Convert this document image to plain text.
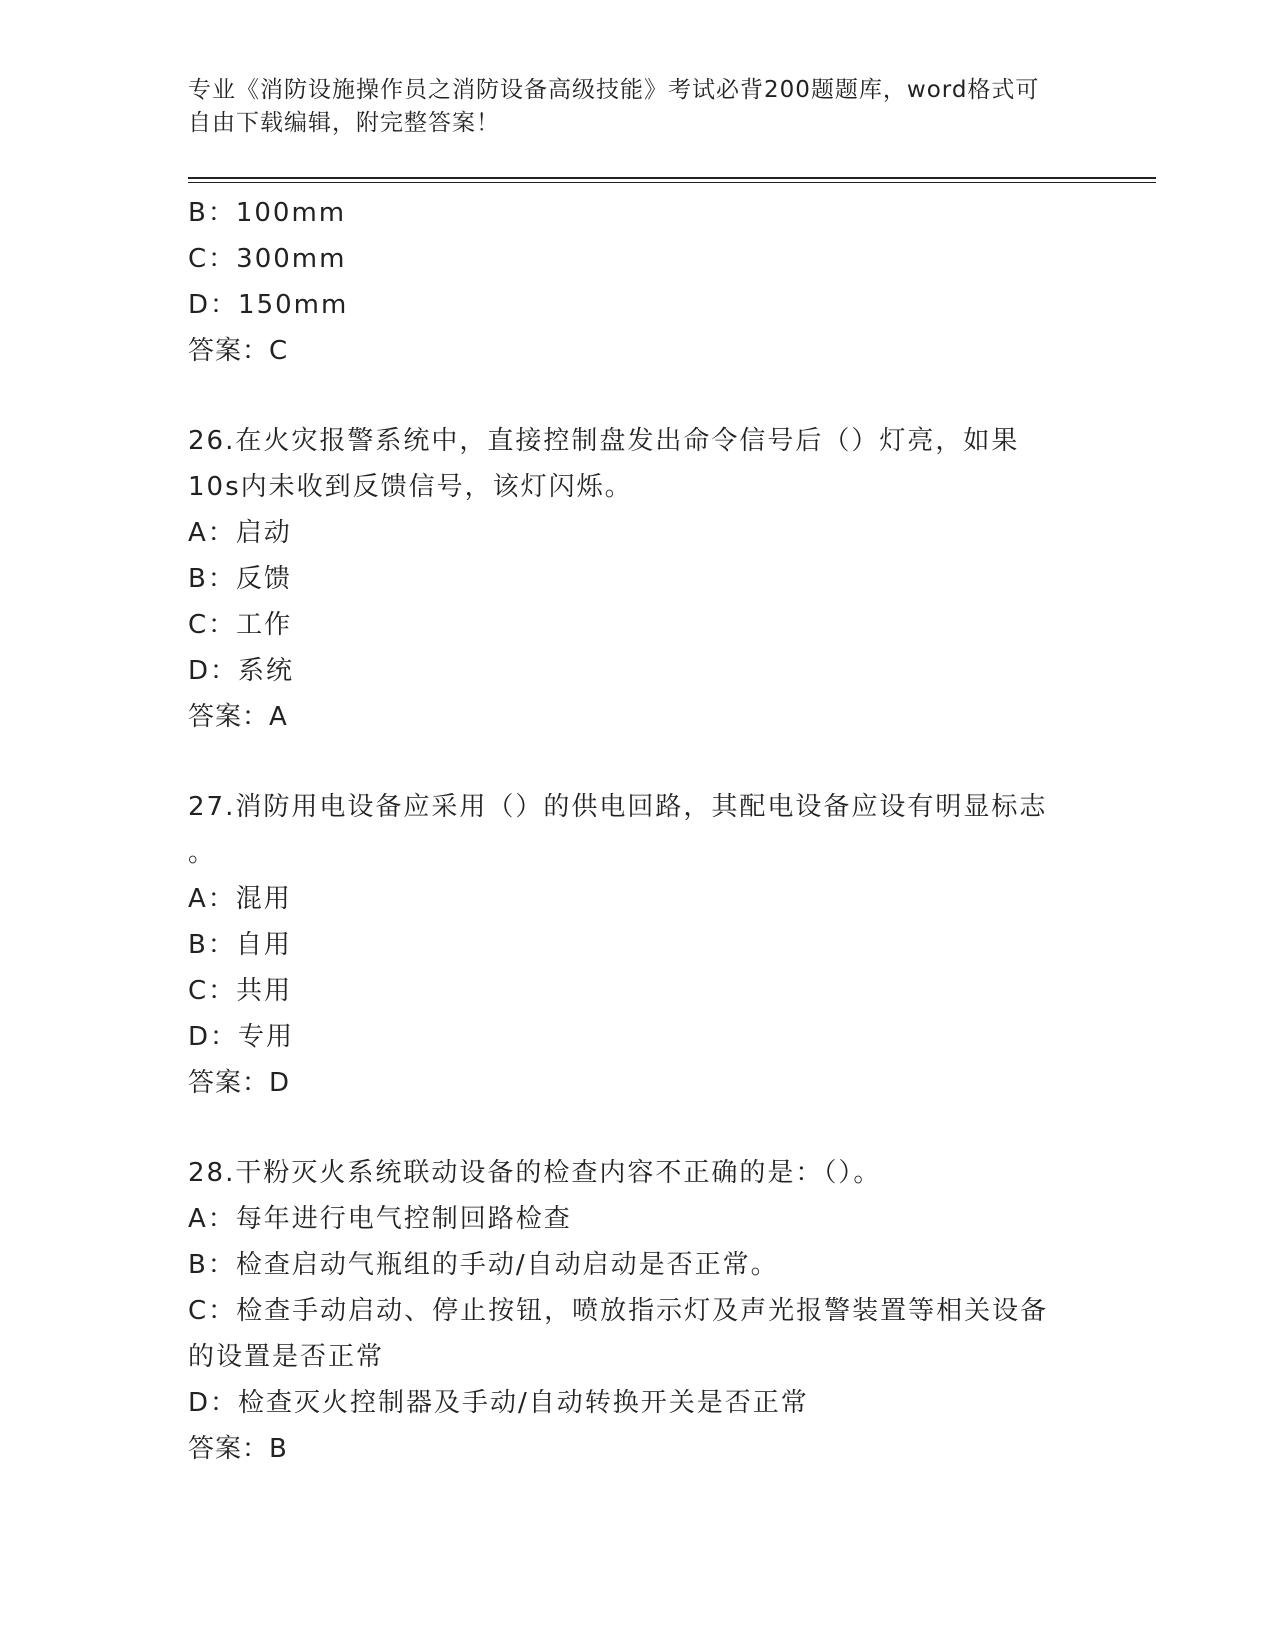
专业《消防设施操作员之消防设备高级技能》考试必背200题题库，word格式可
自由下载编辑，附完整答案！
B：100mm
C：300mm
D：150mm
答案：C
26.在火灾报警系统中，直接控制盘发出命令信号后（）灯亮，如果
10s内未收到反馈信号，该灯闪烁。
A：启动
B：反馈
C：工作
D：系统
答案：A
27.消防用电设备应采用（）的供电回路，其配电设备应设有明显标志
。
A：混用
B：自用
C：共用
D：专用
答案：D
28.干粉灭火系统联动设备的检查内容不正确的是：（）。
A：每年进行电气控制回路检查
B：检查启动气瓶组的手动/自动启动是否正常。
C：检查手动启动、停止按钮，喷放指示灯及声光报警装置等相关设备
的设置是否正常
D：检查灭火控制器及手动/自动转换开关是否正常
答案：B
